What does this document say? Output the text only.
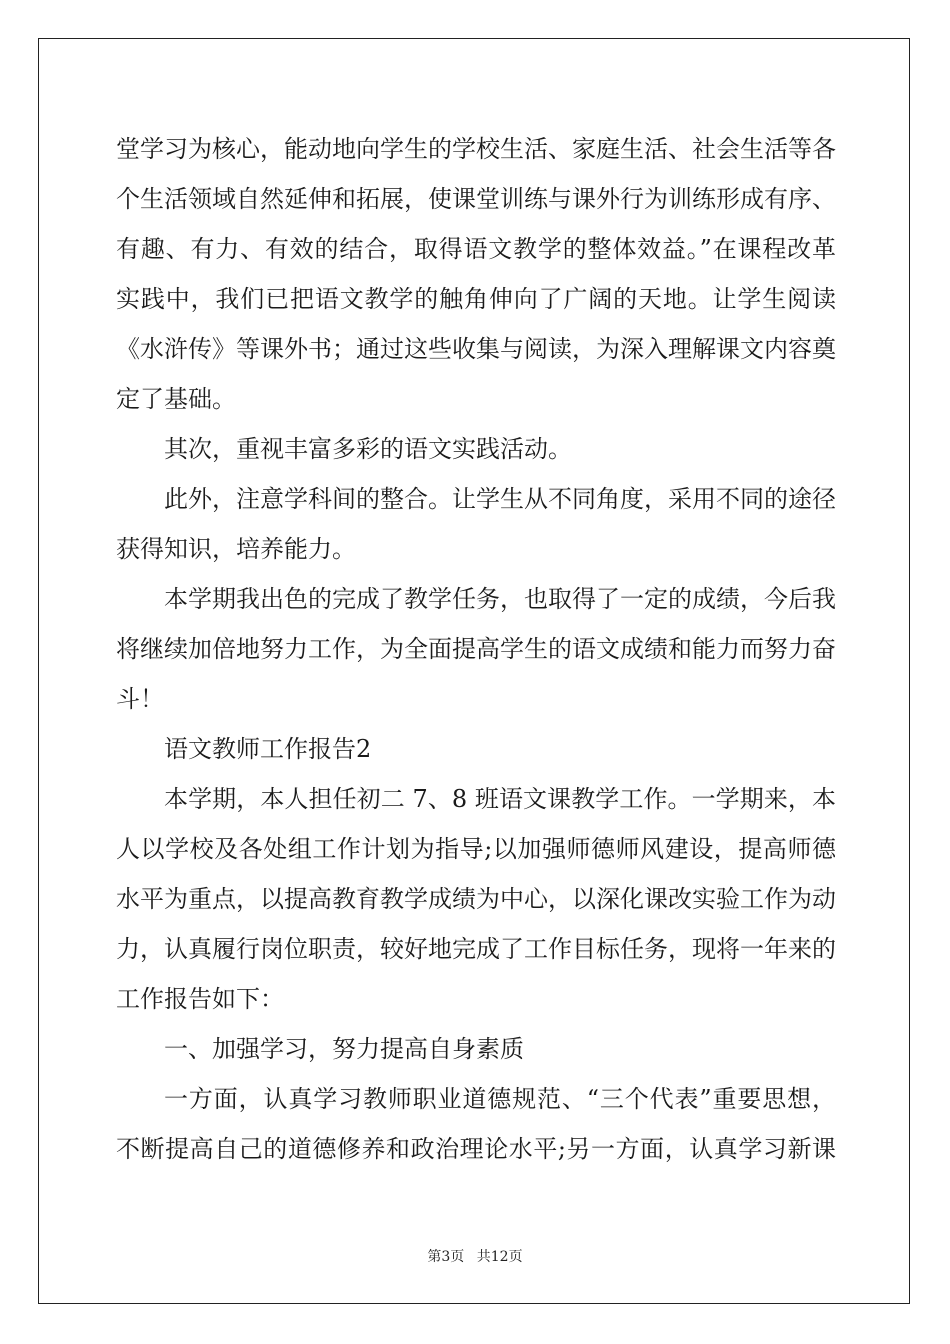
堂学习为核心，能动地向学生的学校生活、家庭生活、社会生活等各
个生活领域自然延伸和拓展，使课堂训练与课外行为训练形成有序、
有趣、有力、有效的结合，取得语文教学的整体效益。”在课程改革
实践中，我们已把语文教学的触角伸向了广阔的天地。让学生阅读
《水浒传》等课外书；通过这些收集与阅读，为深入理解课文内容奠
定了基础。
其次，重视丰富多彩的语文实践活动。
此外，注意学科间的整合。让学生从不同角度，采用不同的途径
获得知识，培养能力。
本学期我出色的完成了教学任务，也取得了一定的成绩，今后我
将继续加倍地努力工作，为全面提高学生的语文成绩和能力而努力奋
斗！
语文教师工作报告2
本学期，本人担任初二 7、8 班语文课教学工作。一学期来，本
人以学校及各处组工作计划为指导;以加强师德师风建设，提高师德
水平为重点，以提高教育教学成绩为中心，以深化课改实验工作为动
力，认真履行岗位职责，较好地完成了工作目标任务，现将一年来的
工作报告如下：
一、加强学习，努力提高自身素质
一方面，认真学习教师职业道德规范、“三个代表”重要思想，
不断提高自己的道德修养和政治理论水平;另一方面，认真学习新课
第3页 共12页
